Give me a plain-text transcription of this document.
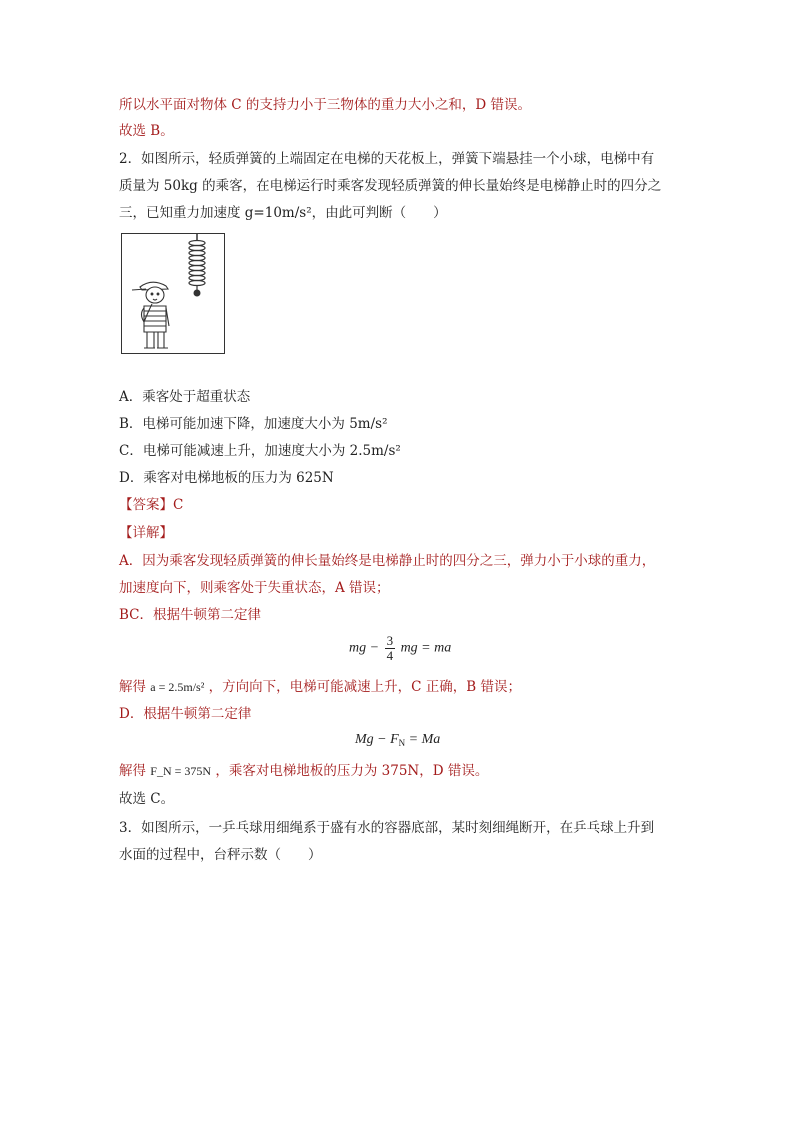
所以水平面对物体 C 的支持力小于三物体的重力大小之和，D 错误。
故选 B。
2．如图所示，轻质弹簧的上端固定在电梯的天花板上，弹簧下端悬挂一个小球，电梯中有
质量为 50kg 的乘客，在电梯运行时乘客发现轻质弹簧的伸长量始终是电梯静止时的四分之
三，已知重力加速度 g=10m/s²，由此可判断（　　）
A．乘客处于超重状态
B．电梯可能加速下降，加速度大小为 5m/s²
C．电梯可能减速上升，加速度大小为 2.5m/s²
D．乘客对电梯地板的压力为 625N
【答案】C
【详解】
A．因为乘客发现轻质弹簧的伸长量始终是电梯静止时的四分之三，弹力小于小球的重力，
加速度向下，则乘客处于失重状态，A 错误；
BC．根据牛顿第二定律
mg − $\frac{3}{4}$ mg = ma
解得 a = 2.5m/s² ，方向向下，电梯可能减速上升，C 正确，B 错误；
D．根据牛顿第二定律
$Mg - F_N = Ma$
解得 F_N = 375N ，乘客对电梯地板的压力为 375N，D 错误。
故选 C。
3．如图所示，一乒乓球用细绳系于盛有水的容器底部，某时刻细绳断开，在乒乓球上升到
水面的过程中，台秤示数（　　）
